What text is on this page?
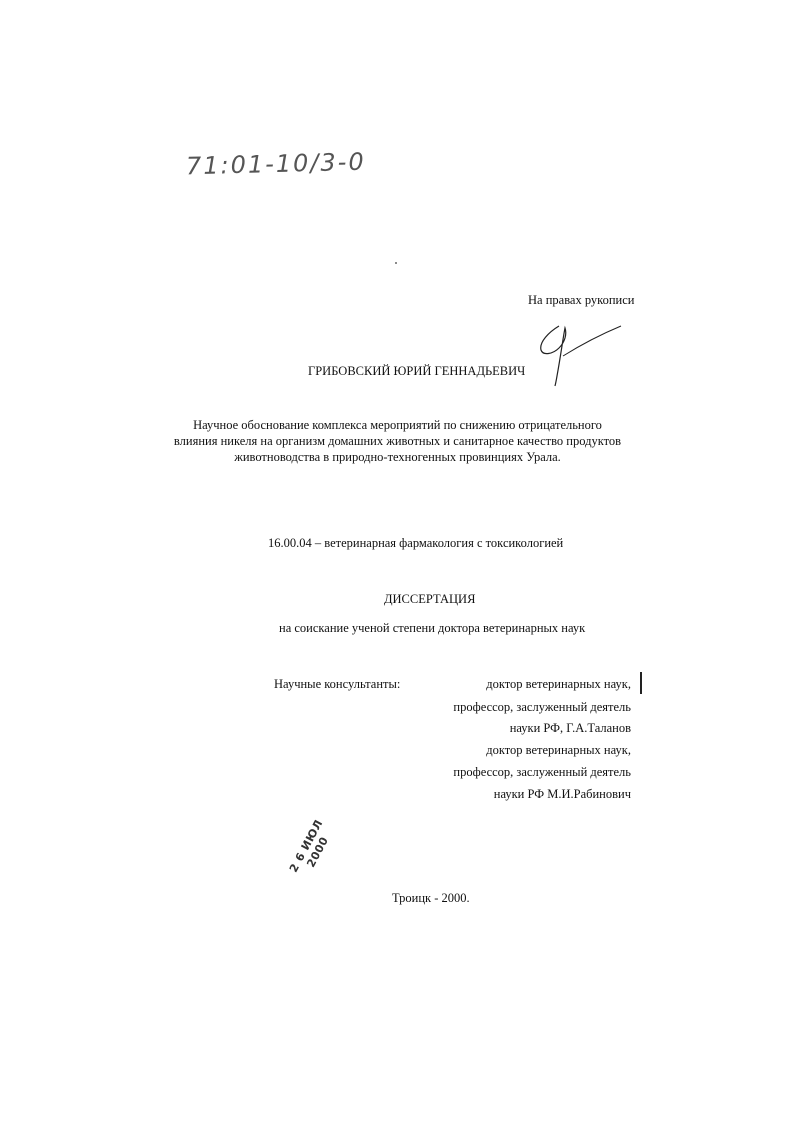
71:01-10/3-0
На правах рукописи
ГРИБОВСКИЙ ЮРИЙ ГЕННАДЬЕВИЧ
Научное обоснование комплекса мероприятий по снижению отрицательного
влияния никеля на организм домашних животных и санитарное качество продуктов
животноводства в природно-техногенных провинциях Урала.
16.00.04 – ветеринарная фармакология с токсикологией
ДИССЕРТАЦИЯ
на соискание ученой степени доктора ветеринарных наук
Научные консультанты:	доктор ветеринарных наук,
профессор, заслуженный деятель
науки РФ, Г.А.Таланов
доктор ветеринарных наук,
профессор, заслуженный деятель
науки РФ М.И.Рабинович
2 6 ИЮЛ 2000
Троицк - 2000.
